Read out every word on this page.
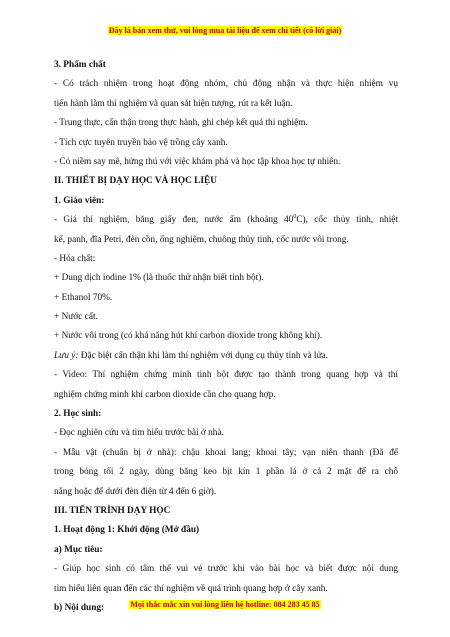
Đây là bản xem thử, vui lòng mua tài liệu để xem chi tiết (có lời giải)
3. Phẩm chất
- Có trách nhiệm trong hoạt động nhóm, chủ động nhận và thực hiện nhiệm vụ
tiến hành làm thí nghiệm và quan sát hiện tượng, rút ra kết luận.
- Trung thực, cẩn thận trong thực hành, ghi chép kết quả thí nghiệm.
- Tích cực tuyên truyền bảo vệ trồng cây xanh.
- Có niềm say mê, hứng thú với việc khám phá và học tập khoa học tự nhiên.
II. THIẾT BỊ DẠY HỌC VÀ HỌC LIỆU
1. Giáo viên:
- Giá thí nghiệm, băng giấy đen, nước ấm (khoảng $40^0C$), cốc thủy tinh, nhiệt
kế, panh, đĩa Petri, đèn cồn, ống nghiệm, chuông thủy tinh, cốc nước vôi trong.
- Hóa chất:
+ Dung dịch iodine 1% (là thuốc thử nhận biết tinh bột).
+ Ethanol 70%.
+ Nước cất.
+ Nước vôi trong (có khả năng hút khí carbon dioxide trong không khí).
Lưu ý: Đặc biệt cẩn thận khi làm thí nghiệm với dụng cụ thủy tinh và lửa.
- Video: Thí nghiệm chứng minh tinh bột được tạo thành trong quang hợp và thí
nghiệm chứng minh khí carbon dioxide cần cho quang hợp.
2. Học sinh:
- Đọc nghiên cứu và tìm hiểu trước bài ở nhà.
- Mẫu vật (chuẩn bị ở nhà): chậu khoai lang; khoai tây; vạn niên thanh (Đã để
trong bóng tối 2 ngày, dùng băng keo bịt kín 1 phần lá ở cả 2 mặt để ra chỗ
nắng hoặc để dưới đèn điện từ 4 đến 6 giờ).
III. TIẾN TRÌNH DẠY HỌC
1. Hoạt động 1: Khởi động (Mở đầu)
a) Mục tiêu:
- Giúp học sinh có tâm thế vui vẻ trước khi vào bài học và biết được nội dung
tìm hiểu liên quan đến các thí nghiệm về quá trình quang hợp ở cây xanh.
b) Nội dung:	Mọi thắc mắc xin vui lòng liên hệ hotline: 084 283 45 85
